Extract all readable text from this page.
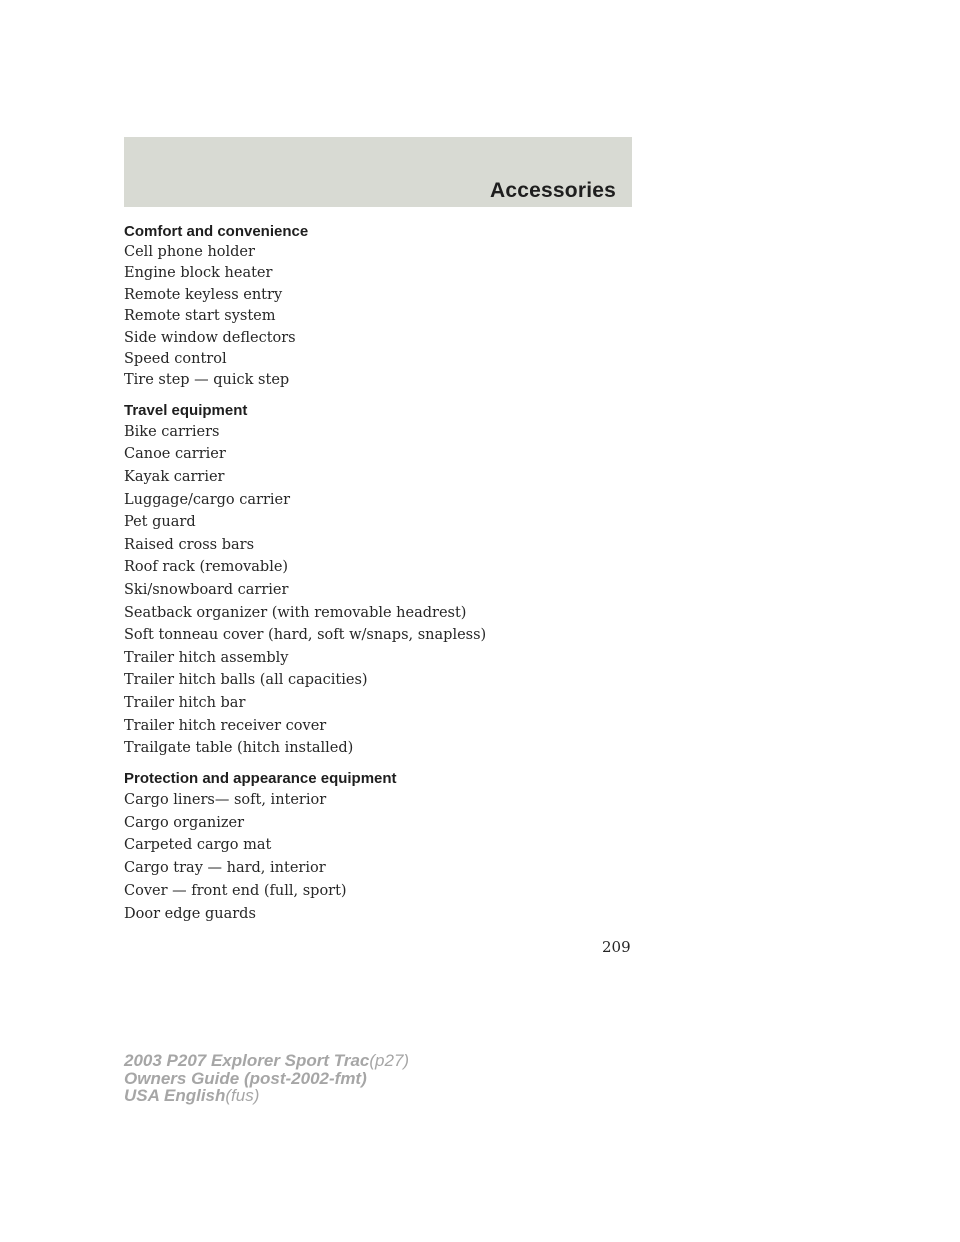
Accessories
Comfort and convenience
Cell phone holder
Engine block heater
Remote keyless entry
Remote start system
Side window deflectors
Speed control
Tire step — quick step
Travel equipment
Bike carriers
Canoe carrier
Kayak carrier
Luggage/cargo carrier
Pet guard
Raised cross bars
Roof rack (removable)
Ski/snowboard carrier
Seatback organizer (with removable headrest)
Soft tonneau cover (hard, soft w/snaps, snapless)
Trailer hitch assembly
Trailer hitch balls (all capacities)
Trailer hitch bar
Trailer hitch receiver cover
Trailgate table (hitch installed)
Protection and appearance equipment
Cargo liners— soft, interior
Cargo organizer
Carpeted cargo mat
Cargo tray — hard, interior
Cover — front end (full, sport)
Door edge guards
209
2003 P207 Explorer Sport Trac(p27)
Owners Guide (post-2002-fmt)
USA English(fus)
